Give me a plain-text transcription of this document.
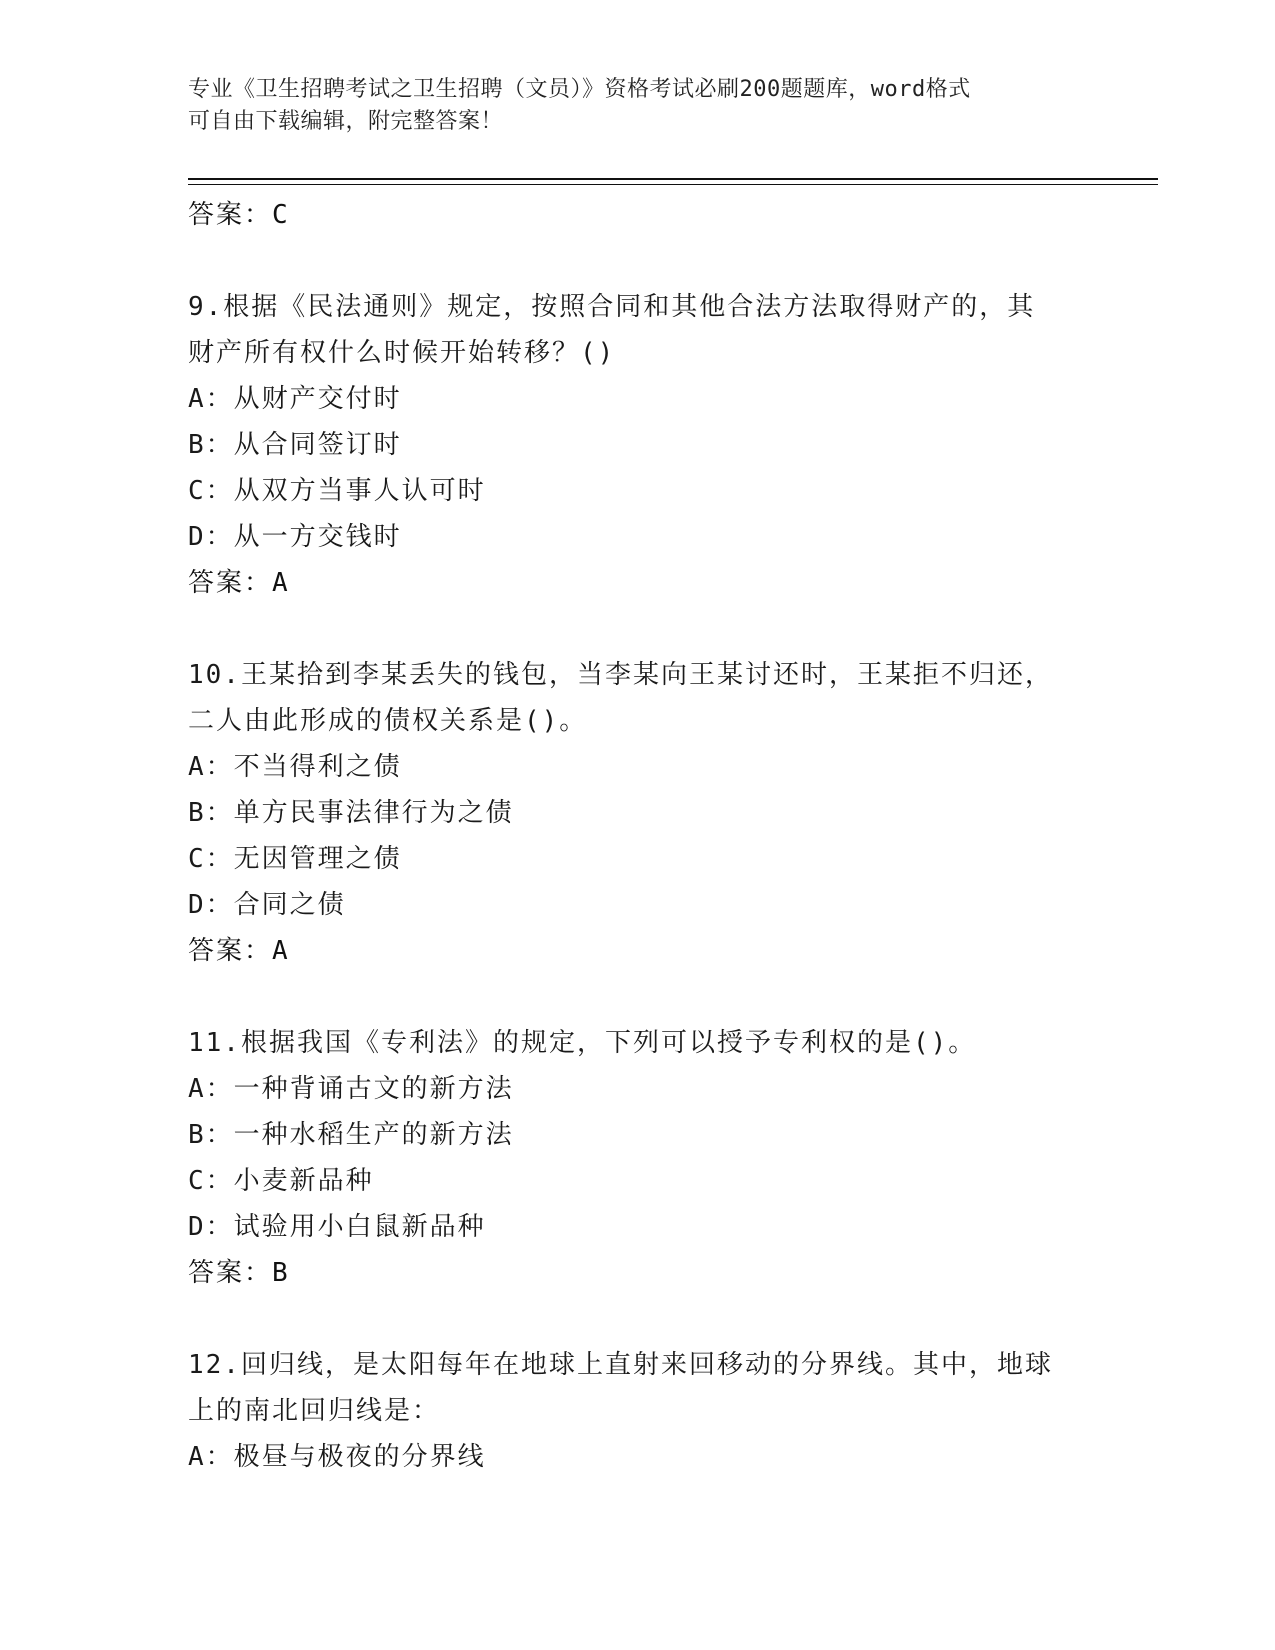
专业《卫生招聘考试之卫生招聘（文员）》资格考试必刷200题题库，word格式
可自由下载编辑，附完整答案！
答案：C
9.根据《民法通则》规定，按照合同和其他合法方法取得财产的，其
财产所有权什么时候开始转移？()
A：从财产交付时
B：从合同签订时
C：从双方当事人认可时
D：从一方交钱时
答案：A
10.王某拾到李某丢失的钱包，当李某向王某讨还时，王某拒不归还，
二人由此形成的债权关系是()。
A：不当得利之债
B：单方民事法律行为之债
C：无因管理之债
D：合同之债
答案：A
11.根据我国《专利法》的规定，下列可以授予专利权的是()。
A：一种背诵古文的新方法
B：一种水稻生产的新方法
C：小麦新品种
D：试验用小白鼠新品种
答案：B
12.回归线，是太阳每年在地球上直射来回移动的分界线。其中，地球
上的南北回归线是：
A：极昼与极夜的分界线
